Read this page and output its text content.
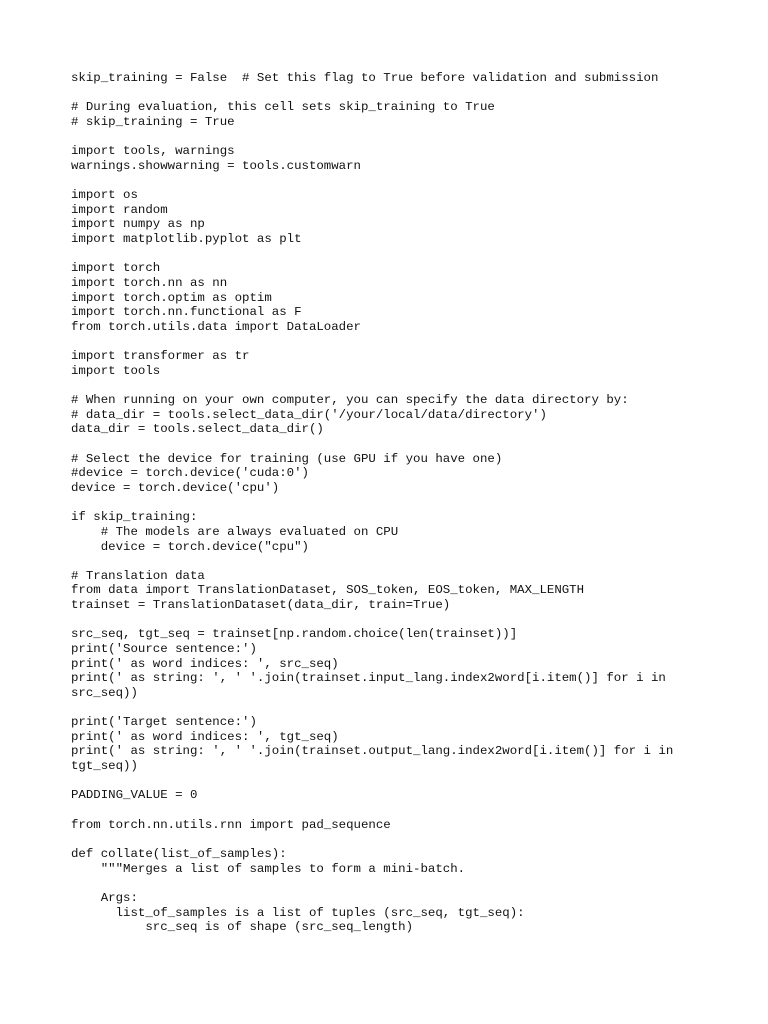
skip_training = False  # Set this flag to True before validation and submission
# During evaluation, this cell sets skip_training to True
# skip_training = True
import tools, warnings
warnings.showwarning = tools.customwarn
import os
import random
import numpy as np
import matplotlib.pyplot as plt
import torch
import torch.nn as nn
import torch.optim as optim
import torch.nn.functional as F
from torch.utils.data import DataLoader
import transformer as tr
import tools
# When running on your own computer, you can specify the data directory by:
# data_dir = tools.select_data_dir('/your/local/data/directory')
data_dir = tools.select_data_dir()
# Select the device for training (use GPU if you have one)
#device = torch.device('cuda:0')
device = torch.device('cpu')
if skip_training:
# The models are always evaluated on CPU
device = torch.device("cpu")
# Translation data
from data import TranslationDataset, SOS_token, EOS_token, MAX_LENGTH
trainset = TranslationDataset(data_dir, train=True)
src_seq, tgt_seq = trainset[np.random.choice(len(trainset))]
print('Source sentence:')
print(' as word indices: ', src_seq)
print(' as string: ', ' '.join(trainset.input_lang.index2word[i.item()] for i in
src_seq))
print('Target sentence:')
print(' as word indices: ', tgt_seq)
print(' as string: ', ' '.join(trainset.output_lang.index2word[i.item()] for i in
tgt_seq))
PADDING_VALUE = 0
from torch.nn.utils.rnn import pad_sequence
def collate(list_of_samples):
"""Merges a list of samples to form a mini-batch.
Args:
list_of_samples is a list of tuples (src_seq, tgt_seq):
src_seq is of shape (src_seq_length)
